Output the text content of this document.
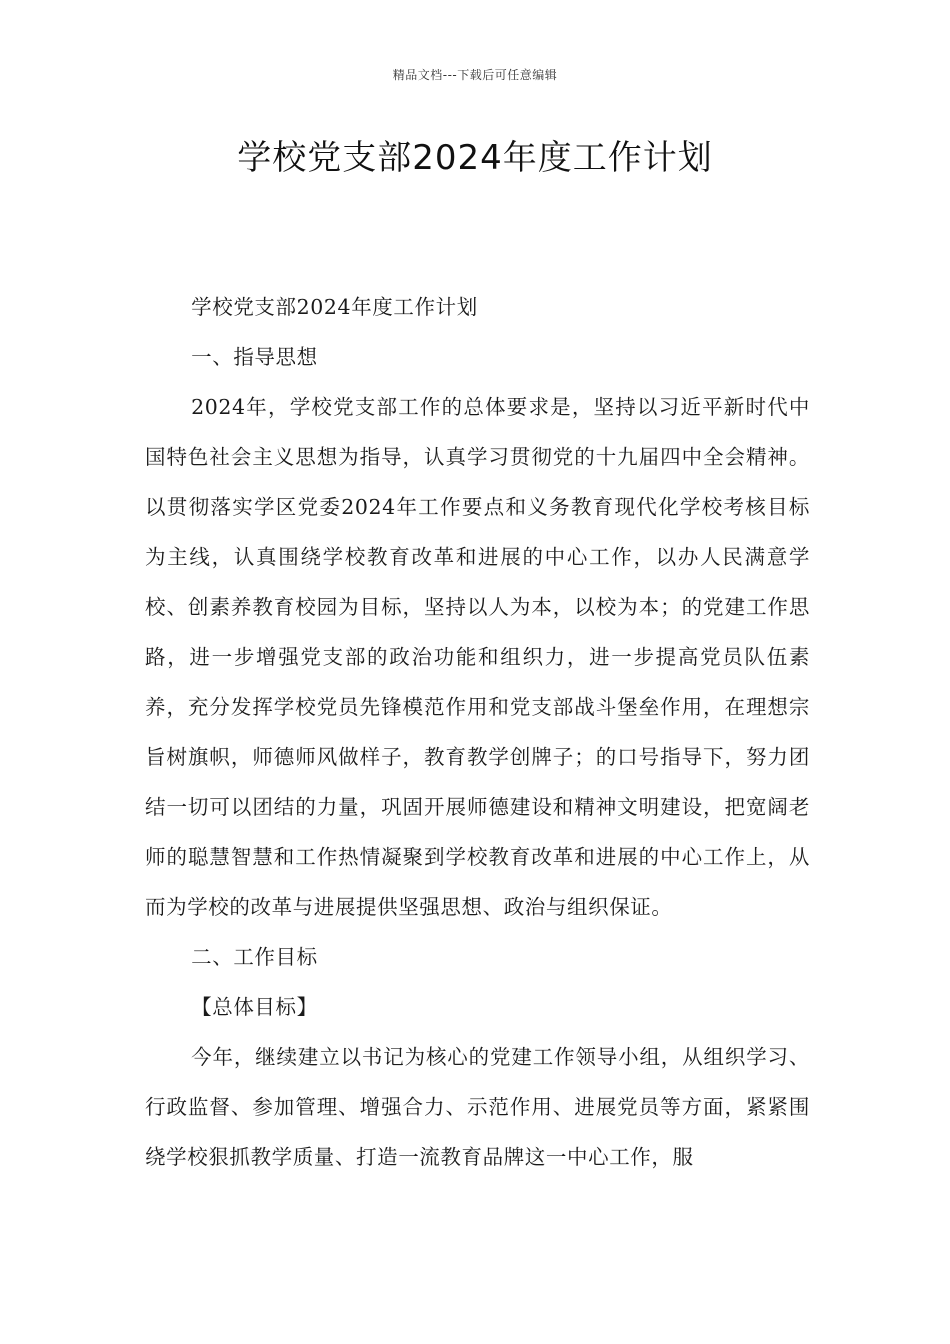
精品文档---下载后可任意编辑
学校党支部2024年度工作计划

学校党支部2024年度工作计划

一、指导思想

2024年，学校党支部工作的总体要求是，坚持以习近平新时代中国特色社会主义思想为指导，认真学习贯彻党的十九届四中全会精神。以贯彻落实学区党委2024年工作要点和义务教育现代化学校考核目标为主线，认真围绕学校教育改革和进展的中心工作，以办人民满意学校、创素养教育校园为目标，坚持以人为本，以校为本；的党建工作思路，进一步增强党支部的政治功能和组织力，进一步提高党员队伍素养，充分发挥学校党员先锋模范作用和党支部战斗堡垒作用，在理想宗旨树旗帜，师德师风做样子，教育教学创牌子；的口号指导下，努力团结一切可以团结的力量，巩固开展师德建设和精神文明建设，把宽阔老师的聪慧智慧和工作热情凝聚到学校教育改革和进展的中心工作上，从而为学校的改革与进展提供坚强思想、政治与组织保证。

二、工作目标

【总体目标】

今年，继续建立以书记为核心的党建工作领导小组，从组织学习、行政监督、参加管理、增强合力、示范作用、进展党员等方面，紧紧围绕学校狠抓教学质量、打造一流教育品牌这一中心工作，服
